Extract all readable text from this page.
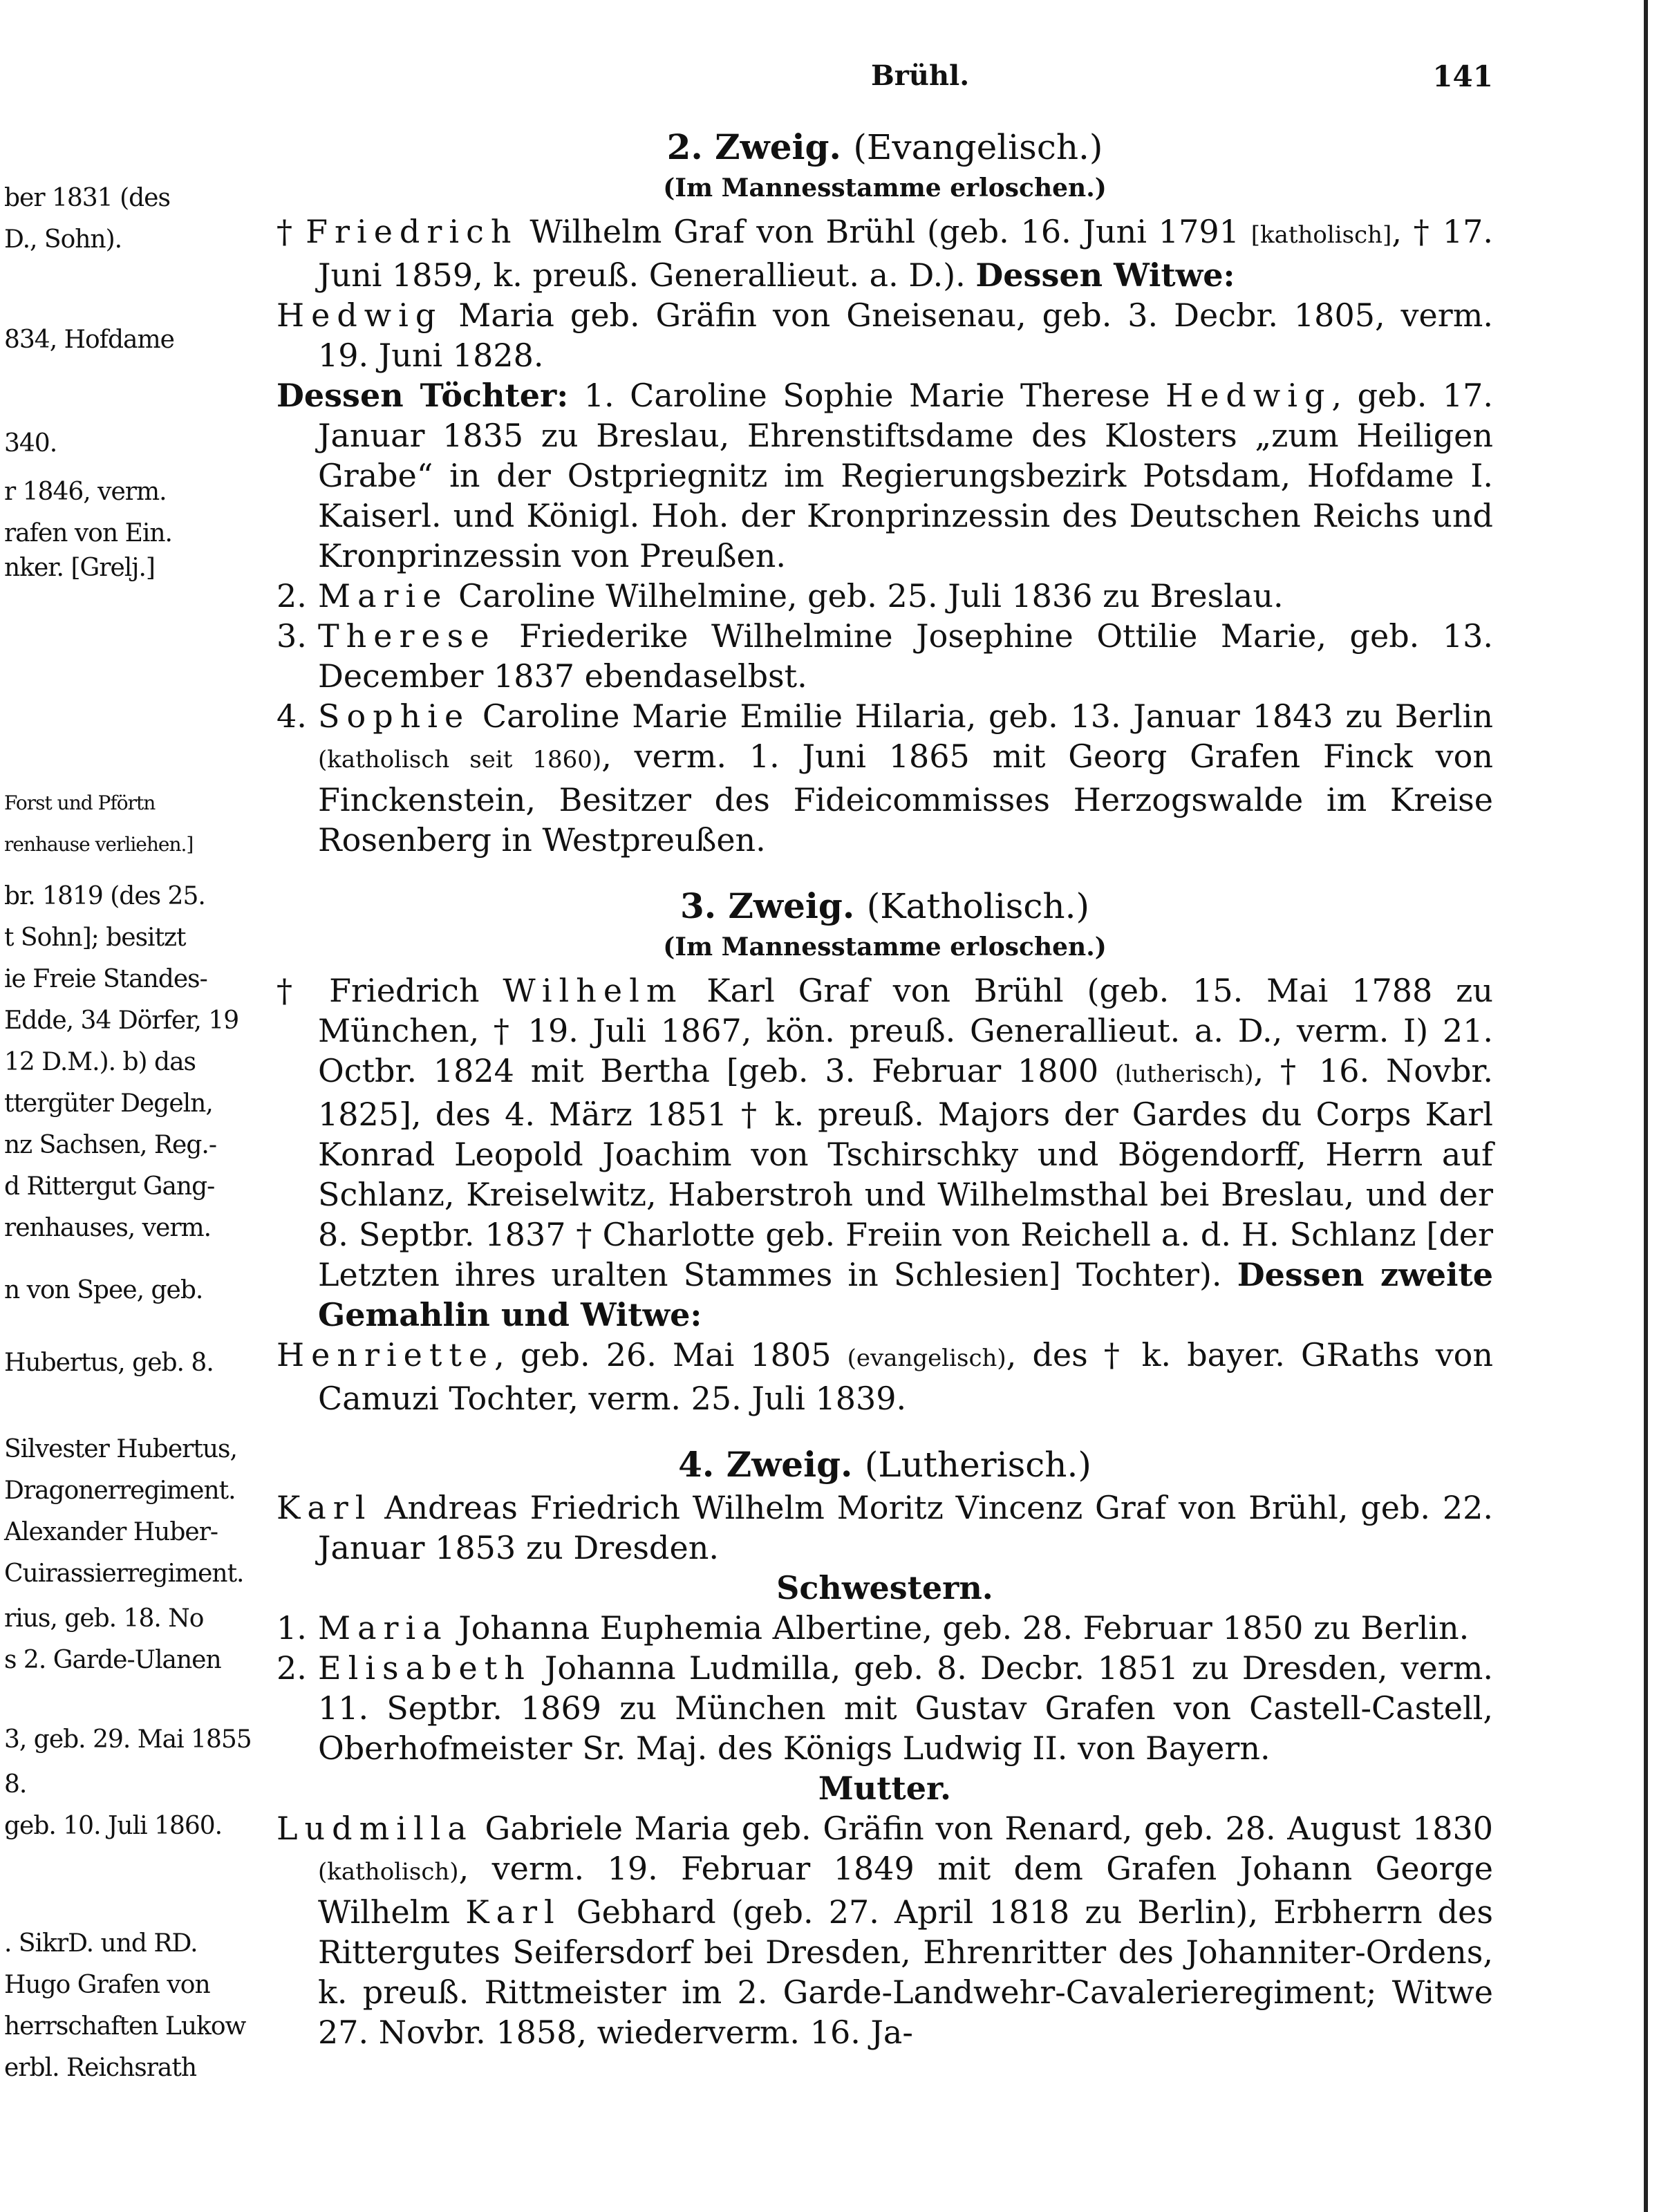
ber 1831 (des
D., Sohn).
834, Hofdame
340.
r 1846, verm.
rafen von Ein.
nker. [Grelj.]
Forst und Pförtn
renhause verliehen.]
br. 1819 (des 25.
t Sohn]; besitzt
ie Freie Standes-
Edde, 34 Dörfer, 19
12 D.M.). b) das
ttergüter Degeln,
nz Sachsen, Reg.-
d Rittergut Gang-
renhauses, verm.
n von Spee, geb.
Hubertus, geb. 8.
Silvester Hubertus,
Dragonerregiment.
Alexander Huber-
Cuirassierregiment.
rius, geb. 18. No
s 2. Garde-Ulanen
3, geb. 29. Mai 1855
8.
geb. 10. Juli 1860.
. SikrD. und RD.
Hugo Grafen von
herrschaften Lukow
erbl. Reichsrath
Brühl.	141

2. Zweig. (Evangelisch.)

(Im Mannesstamme erloschen.)

† Friedrich Wilhelm Graf von Brühl (geb. 16. Juni 1791 [katholisch], † 17. Juni 1859, k. preuß. Generallieut. a. D.). Dessen Witwe:

Hedwig Maria geb. Gräfin von Gneisenau, geb. 3. Decbr. 1805, verm. 19. Juni 1828.

Dessen Töchter: 1. Caroline Sophie Marie Therese Hedwig, geb. 17. Januar 1835 zu Breslau, Ehrenstiftsdame des Klosters „zum Heiligen Grabe“ in der Ostpriegnitz im Regierungsbezirk Potsdam, Hofdame I. Kaiserl. und Königl. Hoh. der Kronprinzessin des Deutschen Reichs und Kronprinzessin von Preußen.

2. Marie Caroline Wilhelmine, geb. 25. Juli 1836 zu Breslau.

3. Therese Friederike Wilhelmine Josephine Ottilie Marie, geb. 13. December 1837 ebendaselbst.

4. Sophie Caroline Marie Emilie Hilaria, geb. 13. Januar 1843 zu Berlin (katholisch seit 1860), verm. 1. Juni 1865 mit Georg Grafen Finck von Finckenstein, Besitzer des Fideicommisses Herzogswalde im Kreise Rosenberg in Westpreußen.

3. Zweig. (Katholisch.)

(Im Mannesstamme erloschen.)

† Friedrich Wilhelm Karl Graf von Brühl (geb. 15. Mai 1788 zu München, † 19. Juli 1867, kön. preuß. Generallieut. a. D., verm. I) 21. Octbr. 1824 mit Bertha [geb. 3. Februar 1800 (lutherisch), † 16. Novbr. 1825], des 4. März 1851 † k. preuß. Majors der Gardes du Corps Karl Konrad Leopold Joachim von Tschirschky und Bögendorff, Herrn auf Schlanz, Kreiselwitz, Haberstroh und Wilhelmsthal bei Breslau, und der 8. Septbr. 1837 † Charlotte geb. Freiin von Reichell a. d. H. Schlanz [der Letzten ihres uralten Stammes in Schlesien] Tochter). Dessen zweite Gemahlin und Witwe:

Henriette, geb. 26. Mai 1805 (evangelisch), des † k. bayer. GRaths von Camuzi Tochter, verm. 25. Juli 1839.

4. Zweig. (Lutherisch.)

Karl Andreas Friedrich Wilhelm Moritz Vincenz Graf von Brühl, geb. 22. Januar 1853 zu Dresden.

Schwestern.

1. Maria Johanna Euphemia Albertine, geb. 28. Februar 1850 zu Berlin.

2. Elisabeth Johanna Ludmilla, geb. 8. Decbr. 1851 zu Dresden, verm. 11. Septbr. 1869 zu München mit Gustav Grafen von Castell-Castell, Oberhofmeister Sr. Maj. des Königs Ludwig II. von Bayern.

Mutter.

Ludmilla Gabriele Maria geb. Gräfin von Renard, geb. 28. August 1830 (katholisch), verm. 19. Februar 1849 mit dem Grafen Johann George Wilhelm Karl Gebhard (geb. 27. April 1818 zu Berlin), Erbherrn des Rittergutes Seifersdorf bei Dresden, Ehrenritter des Johanniter-Ordens, k. preuß. Rittmeister im 2. Garde-Landwehr-Cavalerieregiment; Witwe 27. Novbr. 1858, wiederverm. 16. Ja-
